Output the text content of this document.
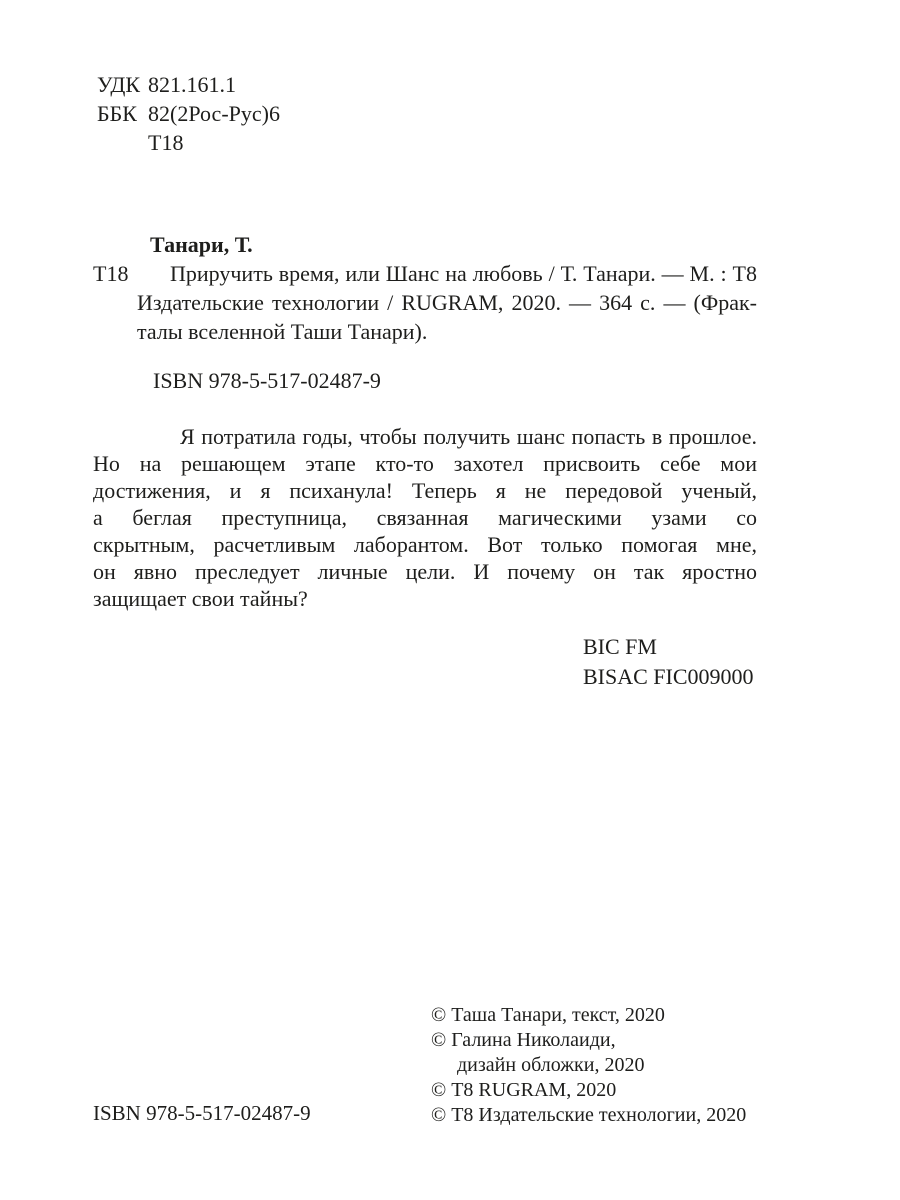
УДК 821.161.1
ББК 82(2Рос-Рус)6
Т18
Танари, Т.
Т18	Приручить время, или Шанс на любовь / Т. Танари. — М. : Т8
Издательские технологии / RUGRAM, 2020. — 364 с. — (Фрак-
талы вселенной Таши Танари).
ISBN 978-5-517-02487-9
Я потратила годы, чтобы получить шанс попасть в прошлое.
Но на решающем этапе кто-то захотел присвоить себе мои
достижения, и я психанула! Теперь я не передовой ученый,
а беглая преступница, связанная магическими узами со
скрытным, расчетливым лаборантом. Вот только помогая мне,
он явно преследует личные цели. И почему он так яростно
защищает свои тайны?
BIC FM
BISAC FIC009000
© Таша Танари, текст, 2020
© Галина Николаиди,
дизайн обложки, 2020
© Т8 RUGRAM, 2020
© Т8 Издательские технологии, 2020
ISBN 978-5-517-02487-9
